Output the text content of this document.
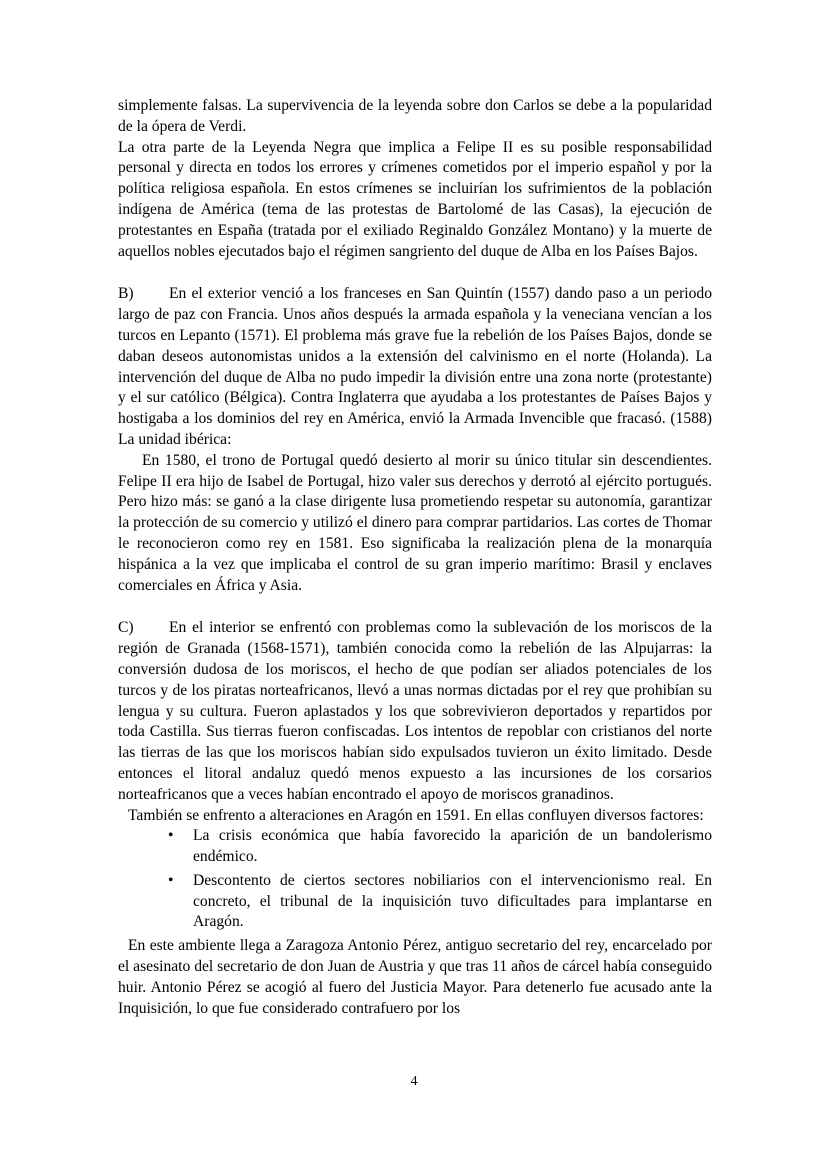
simplemente falsas. La supervivencia de la leyenda sobre don Carlos se debe a la popularidad de la ópera de Verdi.

La otra parte de la Leyenda Negra que implica a Felipe II es su posible responsabilidad personal y directa en todos los errores y crímenes cometidos por el imperio español y por la política religiosa española. En estos crímenes se incluirían los sufrimientos de la población indígena de América (tema de las protestas de Bartolomé de las Casas), la ejecución de protestantes en España (tratada por el exiliado Reginaldo González Montano) y la muerte de aquellos nobles ejecutados bajo el régimen sangriento del duque de Alba en los Países Bajos.

B) En el exterior venció a los franceses en San Quintín (1557) dando paso a un periodo largo de paz con Francia. Unos años después la armada española y la veneciana vencían a los turcos en Lepanto (1571). El problema más grave fue la rebelión de los Países Bajos, donde se daban deseos autonomistas unidos a la extensión del calvinismo en el norte (Holanda). La intervención del duque de Alba no pudo impedir la división entre una zona norte (protestante) y el sur católico (Bélgica). Contra Inglaterra que ayudaba a los protestantes de Países Bajos y hostigaba a los dominios del rey en América, envió la Armada Invencible que fracasó. (1588) La unidad ibérica:

En 1580, el trono de Portugal quedó desierto al morir su único titular sin descendientes. Felipe II era hijo de Isabel de Portugal, hizo valer sus derechos y derrotó al ejército portugués. Pero hizo más: se ganó a la clase dirigente lusa prometiendo respetar su autonomía, garantizar la protección de su comercio y utilizó el dinero para comprar partidarios. Las cortes de Thomar le reconocieron como rey en 1581. Eso significaba la realización plena de la monarquía hispánica a la vez que implicaba el control de su gran imperio marítimo: Brasil y enclaves comerciales en África y Asia.

C) En el interior se enfrentó con problemas como la sublevación de los moriscos de la región de Granada (1568-1571), también conocida como la rebelión de las Alpujarras: la conversión dudosa de los moriscos, el hecho de que podían ser aliados potenciales de los turcos y de los piratas norteafricanos, llevó a unas normas dictadas por el rey que prohibían su lengua y su cultura. Fueron aplastados y los que sobrevivieron deportados y repartidos por toda Castilla. Sus tierras fueron confiscadas. Los intentos de repoblar con cristianos del norte las tierras de las que los moriscos habían sido expulsados tuvieron un éxito limitado. Desde entonces el litoral andaluz quedó menos expuesto a las incursiones de los corsarios norteafricanos que a veces habían encontrado el apoyo de moriscos granadinos.

También se enfrento a alteraciones en Aragón en 1591. En ellas confluyen diversos factores:

• La crisis económica que había favorecido la aparición de un bandolerismo endémico.
• Descontento de ciertos sectores nobiliarios con el intervencionismo real. En concreto, el tribunal de la inquisición tuvo dificultades para implantarse en Aragón.

En este ambiente llega a Zaragoza Antonio Pérez, antiguo secretario del rey, encarcelado por el asesinato del secretario de don Juan de Austria y que tras 11 años de cárcel había conseguido huir. Antonio Pérez se acogió al fuero del Justicia Mayor. Para detenerlo fue acusado ante la Inquisición, lo que fue considerado contrafuero por los

4
